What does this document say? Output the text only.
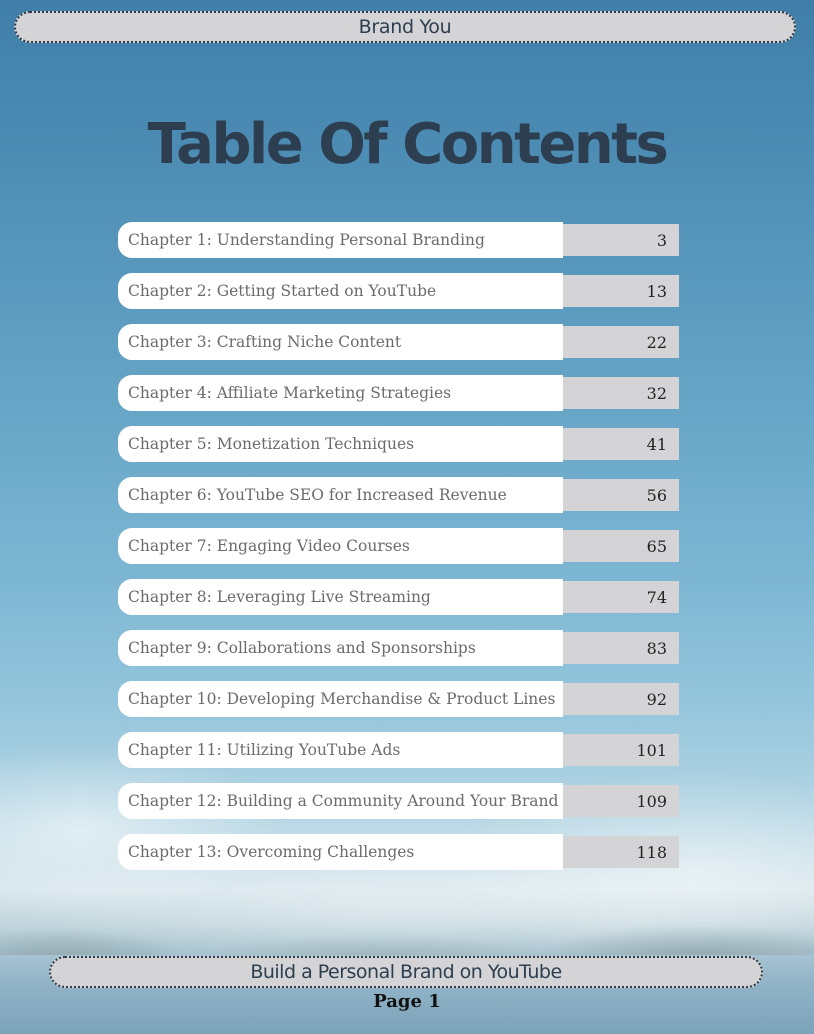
Brand You
Table Of Contents
Chapter 1: Understanding Personal Branding	3
Chapter 2: Getting Started on YouTube	13
Chapter 3: Crafting Niche Content	22
Chapter 4: Affiliate Marketing Strategies	32
Chapter 5: Monetization Techniques	41
Chapter 6: YouTube SEO for Increased Revenue	56
Chapter 7: Engaging Video Courses	65
Chapter 8: Leveraging Live Streaming	74
Chapter 9: Collaborations and Sponsorships	83
Chapter 10: Developing Merchandise & Product Lines	92
Chapter 11: Utilizing YouTube Ads	101
Chapter 12: Building a Community Around Your Brand	109
Chapter 13: Overcoming Challenges	118
Build a Personal Brand on YouTube
Page 1
